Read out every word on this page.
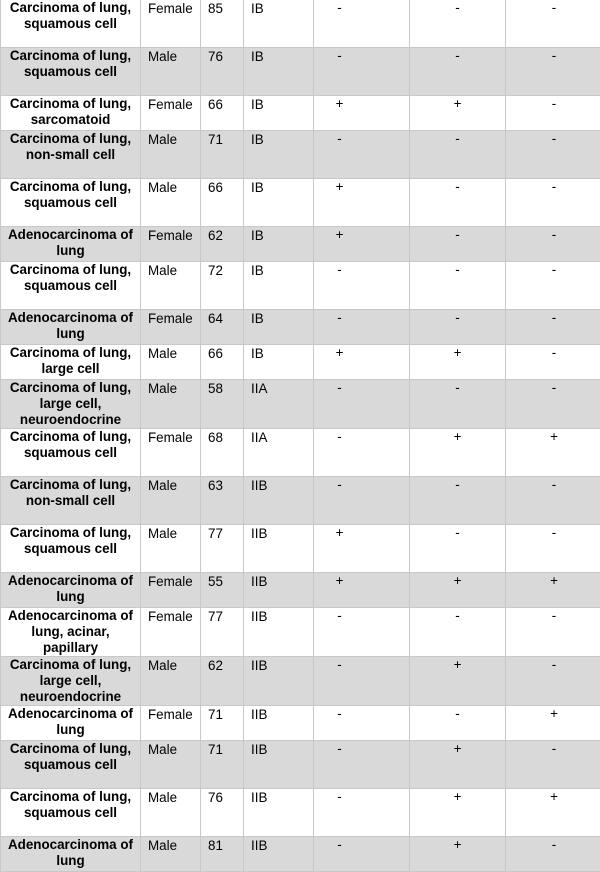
Carcinoma of lung, squamous cell	Female	85	IB	-	-	-
Carcinoma of lung, squamous cell	Male	76	IB	-	-	-
Carcinoma of lung, sarcomatoid	Female	66	IB	+	+	-
Carcinoma of lung, non-small cell	Male	71	IB	-	-	-
Carcinoma of lung, squamous cell	Male	66	IB	+	-	-
Adenocarcinoma of lung	Female	62	IB	+	-	-
Carcinoma of lung, squamous cell	Male	72	IB	-	-	-
Adenocarcinoma of lung	Female	64	IB	-	-	-
Carcinoma of lung, large cell	Male	66	IB	+	+	-
Carcinoma of lung, large cell, neuroendocrine	Male	58	IIA	-	-	-
Carcinoma of lung, squamous cell	Female	68	IIA	-	+	+
Carcinoma of lung, non-small cell	Male	63	IIB	-	-	-
Carcinoma of lung, squamous cell	Male	77	IIB	+	-	-
Adenocarcinoma of lung	Female	55	IIB	+	+	+
Adenocarcinoma of lung, acinar, papillary	Female	77	IIB	-	-	-
Carcinoma of lung, large cell, neuroendocrine	Male	62	IIB	-	+	-
Adenocarcinoma of lung	Female	71	IIB	-	-	+
Carcinoma of lung, squamous cell	Male	71	IIB	-	+	-
Carcinoma of lung, squamous cell	Male	76	IIB	-	+	+
Adenocarcinoma of lung	Male	81	IIB	-	+	-
